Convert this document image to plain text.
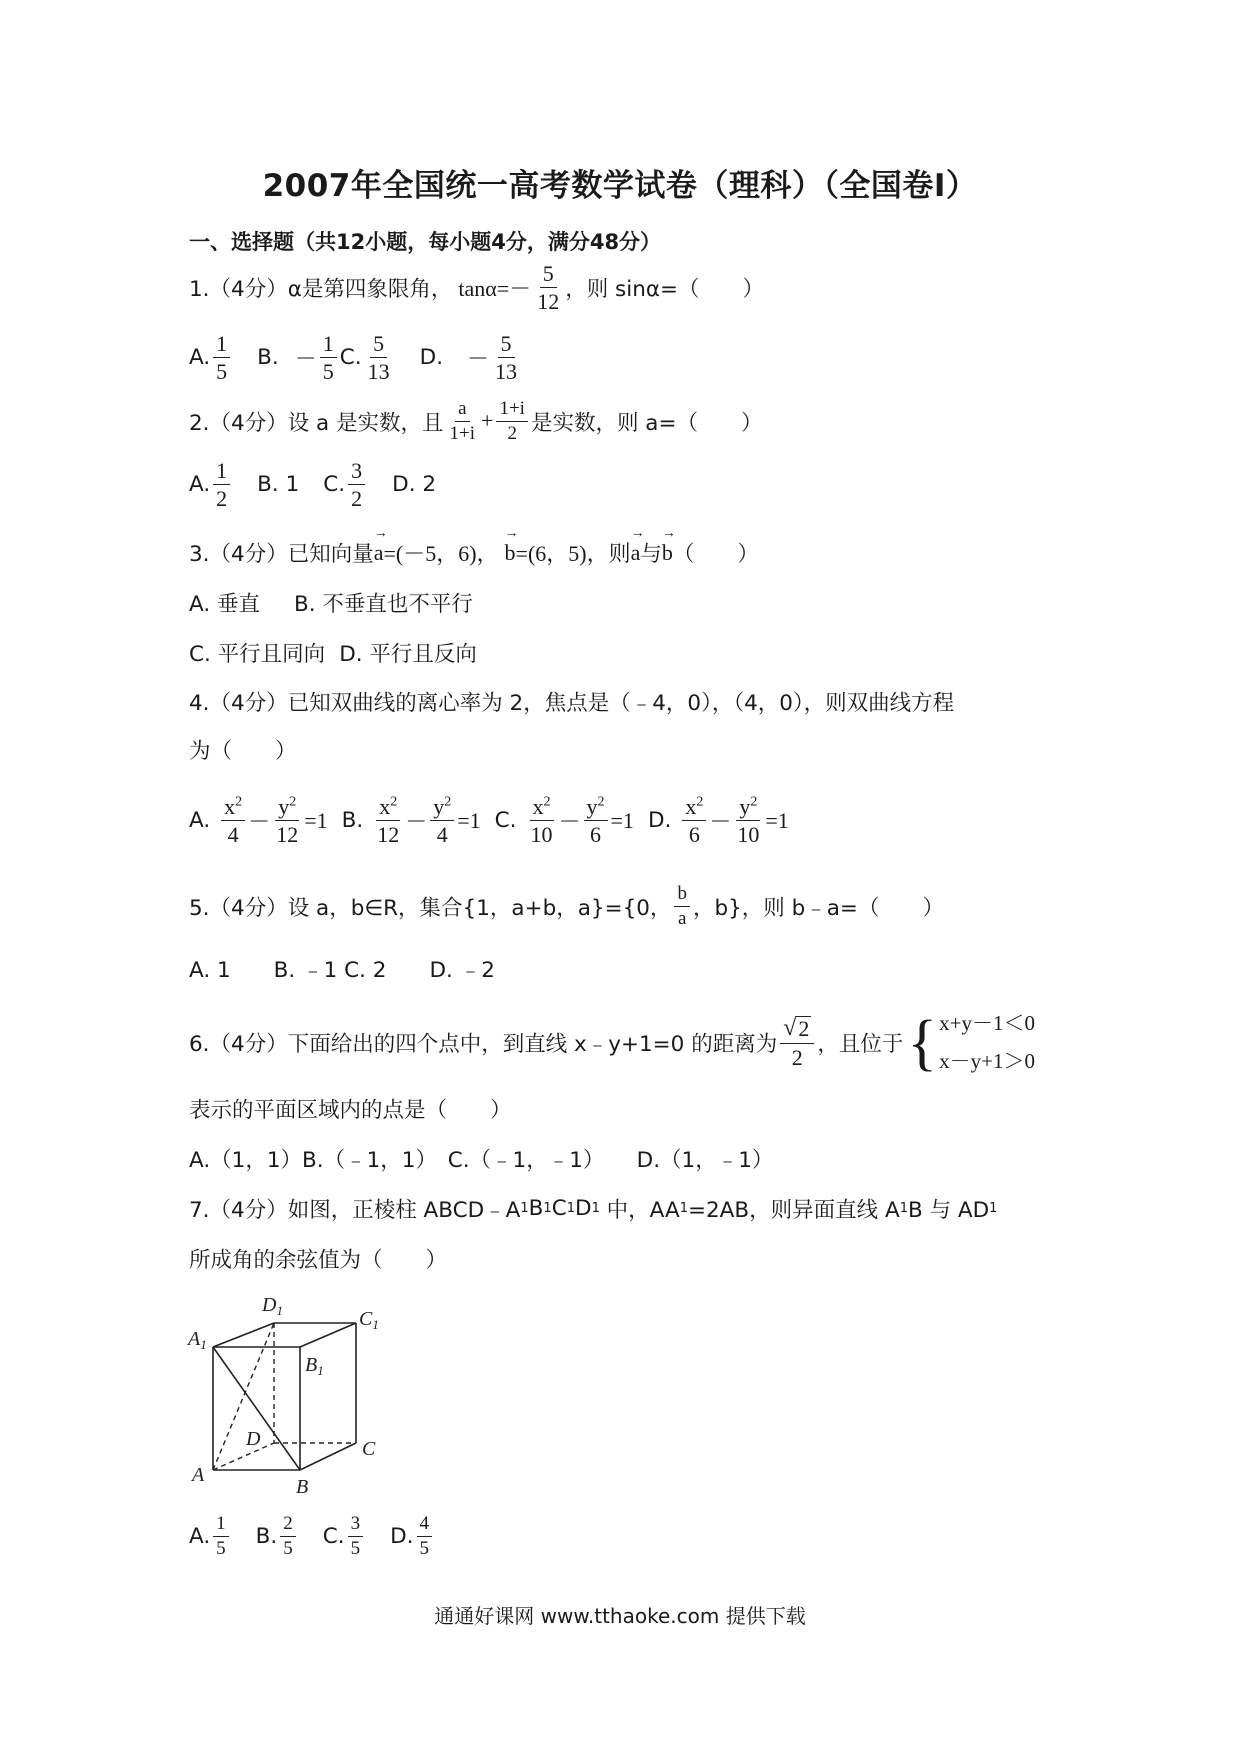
2007年全国统一高考数学试卷（理科）（全国卷Ⅰ）
一、选择题（共12小题，每小题4分，满分48分）
1.（4分）α是第四象限角， $\tan\alpha=- \frac{5}{12}$ ，则 sinα=（　　）
A. $\frac{1}{5} B$. － $\frac{1}{5} C$. $\frac{5}{13} D$. － $\frac{5}{13}$
2.（4分）设 a 是实数，且 $\frac{a}{1+i} + \frac{1+i}{2}$ 是实数，则 a=（　　）
A. $\frac{1}{2} B$. 1 C. $\frac{3}{2} D$. 2
3.（4分）已知向量 → a =(－5，6)， → b =(6，5)，则 → a 与 → b （　　）
A. 垂直 B. 不垂直也不平行
C. 平行且同向 D. 平行且反向
4.（4分）已知双曲线的离心率为 2，焦点是（﹣4，0），（4，0），则双曲线方程
为（　　）
A. $\frac{x^2}{4} - \frac{y^2}{12} =1$ B. $\frac{x^2}{12} - \frac{y^2}{4} =1$ C. $\frac{x^2}{10} - \frac{y^2}{6} =1$ D. $\frac{x^2}{6} - \frac{y^2}{10} =1$
5.（4分）设 a，b∈R，集合{1，a+b，a}={0， $\frac{b}{a}$ ，b}，则 b﹣a=（　　）
A. 1　　B. ﹣1 C. 2　　D. ﹣2
6.（4分）下面给出的四个点中，到直线 x﹣y+1=0 的距离为 $\frac{√ 2}{2}$ ，且位于 { x+y－1＜0
x－y+1＞0
表示的平面区域内的点是（　　）
A.（1，1）B.（﹣1，1）　C.（﹣1，﹣1）　　D.（1，﹣1）
7.（4分）如图，正棱柱 ABCD﹣A 1 B 1 C 1 D 1 中，AA 1 =2AB，则异面直线 A 1 B 与 AD 1
所成角的余弦值为（　　）
$D_1$	$C_1$
$A_1$
$B_1$
D	C
A
B
A. $\frac{1}{5} B$. $\frac{2}{5} C$. $\frac{3}{5} D$. $\frac{4}{5}$
通通好课网 www.tthaoke.com 提供下载
